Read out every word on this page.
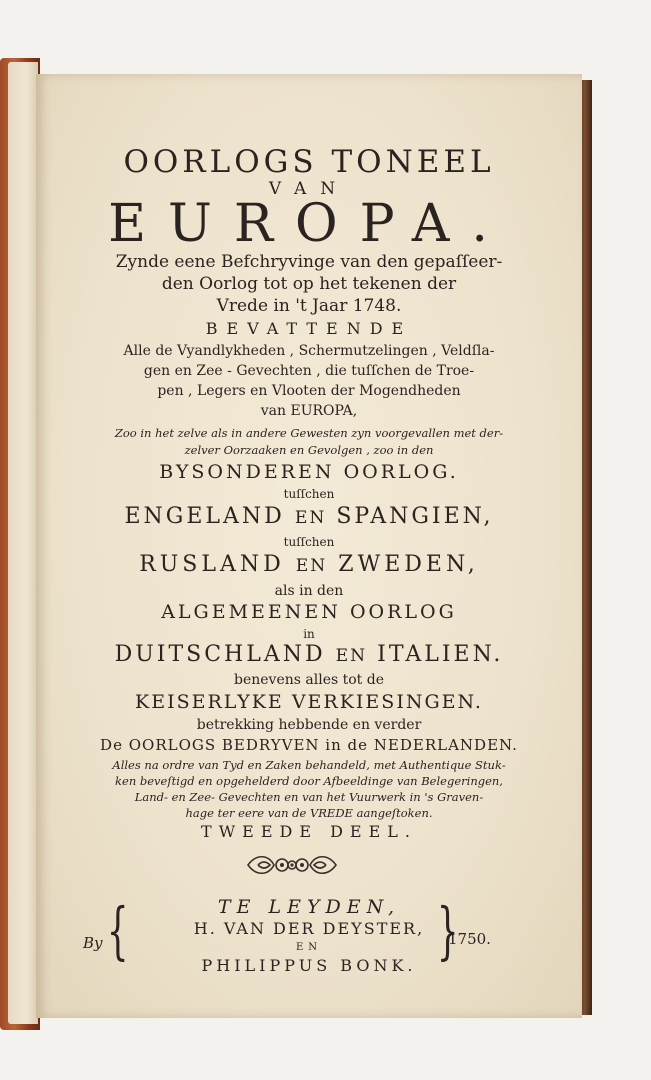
OORLOGS TONEEL

VAN

EUROPA.

Zynde eene Befchryvinge van den gepaſſeer-

den Oorlog tot op het tekenen der

Vrede in 't Jaar 1748.

BEVATTENDE

Alle de Vyandlykheden , Schermutzelingen , Veldſla-

gen en Zee - Gevechten , die tuſſchen de Troe-

pen , Legers en Vlooten der Mogendheden

van EUROPA,

Zoo in het zelve als in andere Gewesten zyn voorgevallen met der-

zelver Oorzaaken en Gevolgen , zoo in den

BYSONDEREN OORLOG.

tuſſchen

ENGELAND EN SPANGIEN,

tuſſchen

RUSLAND EN ZWEDEN,

als in den

ALGEMEENEN OORLOG

in

DUITSCHLAND EN ITALIEN.

benevens alles tot de

KEISERLYKE VERKIESINGEN.

betrekking hebbende en verder

De OORLOGS BEDRYVEN in de NEDERLANDEN.

Alles na ordre van Tyd en Zaken behandeld, met Authentique Stuk-

ken beveſtigd en opgehelderd door Afbeeldinge van Belegeringen,

Land- en Zee- Gevechten en van het Vuurwerk in 's Graven-

hage ter eere van de VREDE aangeſtoken.

TWEEDE DEEL.

TE LEYDEN,

By {	H. VAN DER DEYSTER,

EN

PHILIPPUS BONK. }
1750.
